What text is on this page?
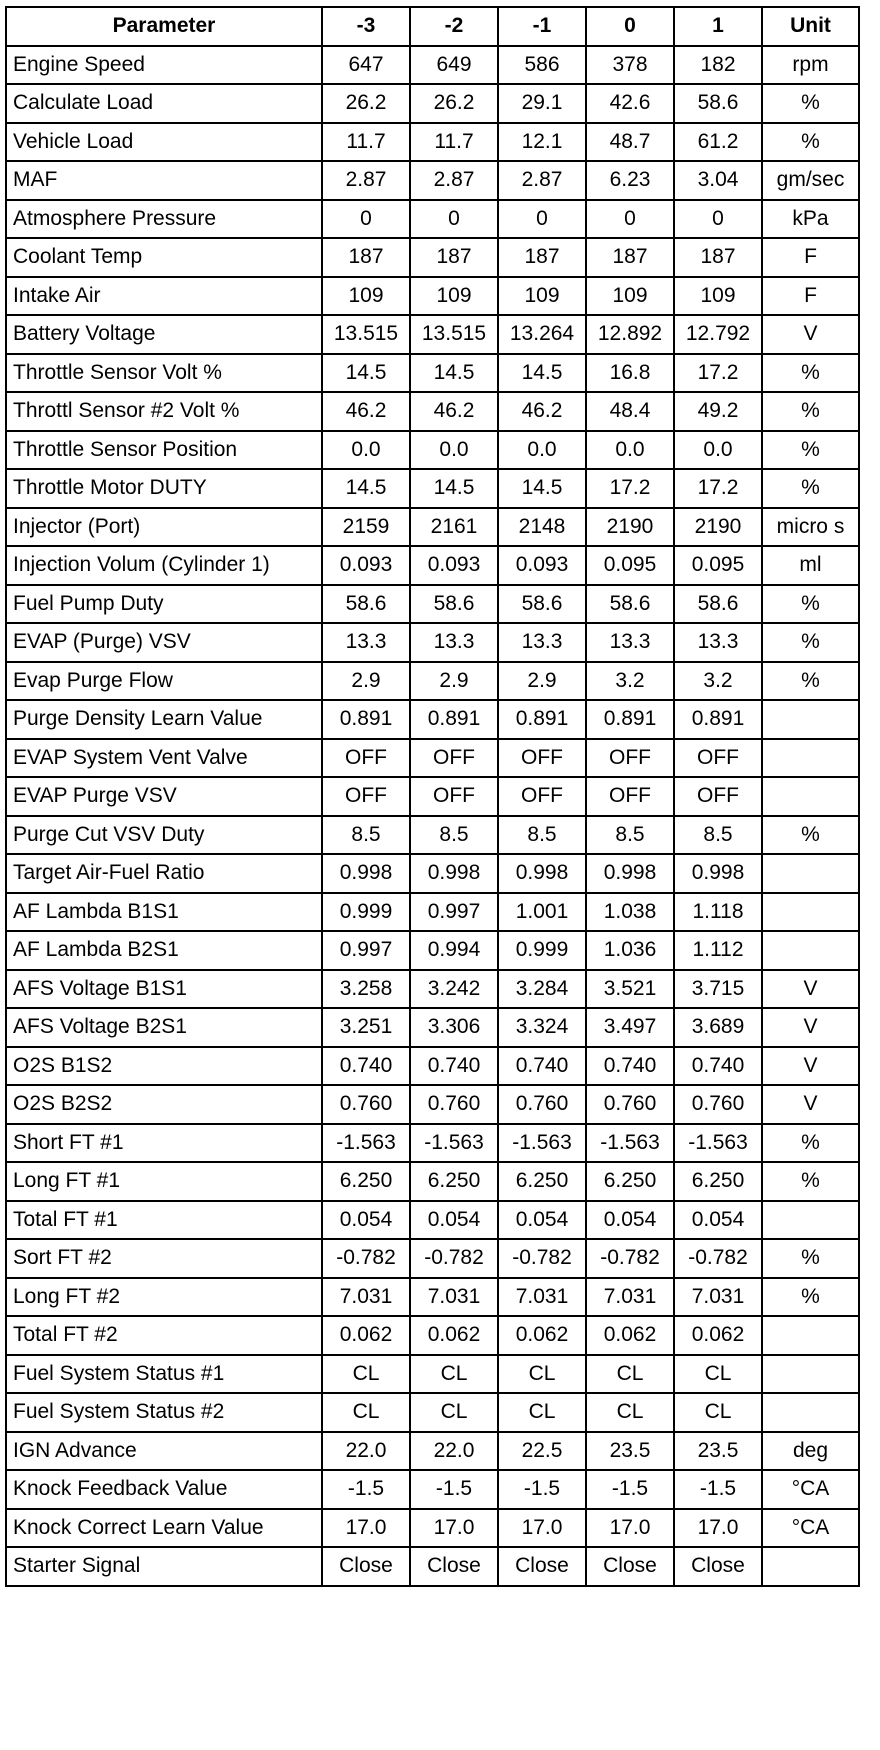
Parameter	-3	-2	-1	0	1	Unit
Engine Speed	647	649	586	378	182	rpm
Calculate Load	26.2	26.2	29.1	42.6	58.6	%
Vehicle Load	11.7	11.7	12.1	48.7	61.2	%
MAF	2.87	2.87	2.87	6.23	3.04	gm/sec
Atmosphere Pressure	0	0	0	0	0	kPa
Coolant Temp	187	187	187	187	187	F
Intake Air	109	109	109	109	109	F
Battery Voltage	13.515	13.515	13.264	12.892	12.792	V
Throttle Sensor Volt %	14.5	14.5	14.5	16.8	17.2	%
Throttl Sensor #2 Volt %	46.2	46.2	46.2	48.4	49.2	%
Throttle Sensor Position	0.0	0.0	0.0	0.0	0.0	%
Throttle Motor DUTY	14.5	14.5	14.5	17.2	17.2	%
Injector (Port)	2159	2161	2148	2190	2190	micro s
Injection Volum (Cylinder 1)	0.093	0.093	0.093	0.095	0.095	ml
Fuel Pump Duty	58.6	58.6	58.6	58.6	58.6	%
EVAP (Purge) VSV	13.3	13.3	13.3	13.3	13.3	%
Evap Purge Flow	2.9	2.9	2.9	3.2	3.2	%
Purge Density Learn Value	0.891	0.891	0.891	0.891	0.891	
EVAP System Vent Valve	OFF	OFF	OFF	OFF	OFF	
EVAP Purge VSV	OFF	OFF	OFF	OFF	OFF	
Purge Cut VSV Duty	8.5	8.5	8.5	8.5	8.5	%
Target Air-Fuel Ratio	0.998	0.998	0.998	0.998	0.998	
AF Lambda B1S1	0.999	0.997	1.001	1.038	1.118	
AF Lambda B2S1	0.997	0.994	0.999	1.036	1.112	
AFS Voltage B1S1	3.258	3.242	3.284	3.521	3.715	V
AFS Voltage B2S1	3.251	3.306	3.324	3.497	3.689	V
O2S B1S2	0.740	0.740	0.740	0.740	0.740	V
O2S B2S2	0.760	0.760	0.760	0.760	0.760	V
Short FT #1	-1.563	-1.563	-1.563	-1.563	-1.563	%
Long FT #1	6.250	6.250	6.250	6.250	6.250	%
Total FT #1	0.054	0.054	0.054	0.054	0.054	
Sort FT #2	-0.782	-0.782	-0.782	-0.782	-0.782	%
Long FT #2	7.031	7.031	7.031	7.031	7.031	%
Total FT #2	0.062	0.062	0.062	0.062	0.062	
Fuel System Status #1	CL	CL	CL	CL	CL	
Fuel System Status #2	CL	CL	CL	CL	CL	
IGN Advance	22.0	22.0	22.5	23.5	23.5	deg
Knock Feedback Value	-1.5	-1.5	-1.5	-1.5	-1.5	°CA
Knock Correct Learn Value	17.0	17.0	17.0	17.0	17.0	°CA
Starter Signal	Close	Close	Close	Close	Close	
